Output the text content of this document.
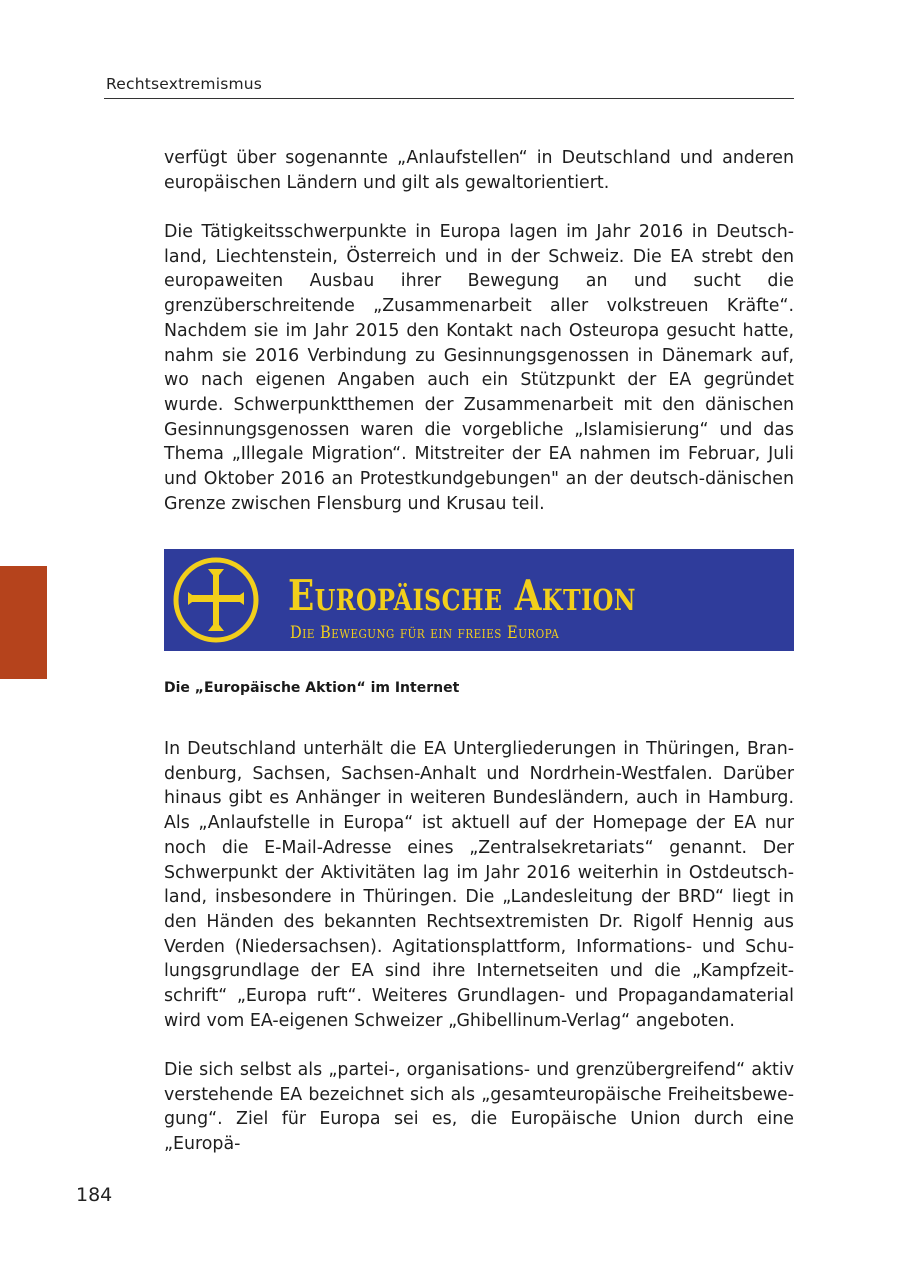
Rechtsextremismus

verfügt über sogenannte „Anlaufstellen“ in Deutschland und anderen europäischen Ländern und gilt als gewaltorientiert.

Die Tätigkeitsschwerpunkte in Europa lagen im Jahr 2016 in Deutschland, Liechtenstein, Österreich und in der Schweiz. Die EA strebt den europaweiten Ausbau ihrer Bewegung an und sucht die grenzüberschreitende „Zusammenarbeit aller volkstreuen Kräfte“. Nachdem sie im Jahr 2015 den Kontakt nach Osteuropa gesucht hatte, nahm sie 2016 Verbindung zu Gesinnungsgenossen in Dänemark auf, wo nach eigenen Angaben auch ein Stützpunkt der EA gegründet wurde. Schwerpunktthemen der Zusammenarbeit mit den dänischen Gesinnungsgenossen waren die vorgebliche „Islamisierung“ und das Thema „Illegale Migration“. Mitstreiter der EA nahmen im Februar, Juli und Oktober 2016 an Protestkundgebungen" an der deutsch-dänischen Grenze zwischen Flensburg und Krusau teil.

Europäische Aktion
Die Bewegung für ein freies Europa
Die „Europäische Aktion“ im Internet

In Deutschland unterhält die EA Untergliederungen in Thüringen, Brandenburg, Sachsen, Sachsen-Anhalt und Nordrhein-Westfalen. Darüber hinaus gibt es Anhänger in weiteren Bundesländern, auch in Hamburg. Als „Anlaufstelle in Europa“ ist aktuell auf der Homepage der EA nur noch die E-Mail-Adresse eines „Zentralsekretariats“ genannt. Der Schwerpunkt der Aktivitäten lag im Jahr 2016 weiterhin in Ostdeutschland, insbesondere in Thüringen. Die „Landesleitung der BRD“ liegt in den Händen des bekannten Rechtsextremisten Dr. Rigolf Hennig aus Verden (Niedersachsen). Agitationsplattform, Informations- und Schulungsgrundlage der EA sind ihre Internetseiten und die „Kampfzeitschrift“ „Europa ruft“. Weiteres Grundlagen- und Propagandamaterial wird vom EA-eigenen Schweizer „Ghibellinum-Verlag“ angeboten.

Die sich selbst als „partei-, organisations- und grenzübergreifend“ aktiv verstehende EA bezeichnet sich als „gesamteuropäische Freiheitsbewegung“. Ziel für Europa sei es, die Europäische Union durch eine „Europä-

184
